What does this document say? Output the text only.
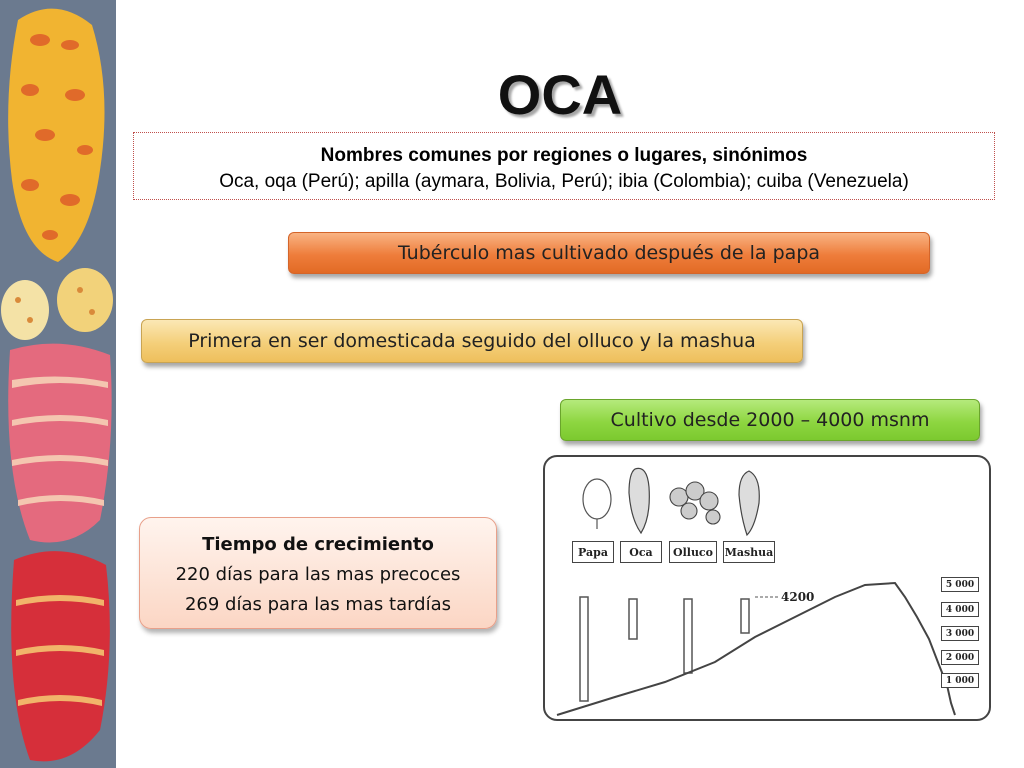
OCA
Nombres comunes por regiones o lugares, sinónimos
Oca, oqa (Perú); apilla (aymara, Bolivia, Perú); ibia (Colombia); cuiba (Venezuela)
Tubérculo mas cultivado después de la papa
Primera en ser domesticada seguido del olluco y la mashua
Cultivo desde 2000 – 4000 msnm
Tiempo de crecimiento
220 días para las mas precoces
269 días para las mas tardías
Papa	Oca	Olluco	Mashua
4200
5 000
4 000
3 000
2 000
1 000
